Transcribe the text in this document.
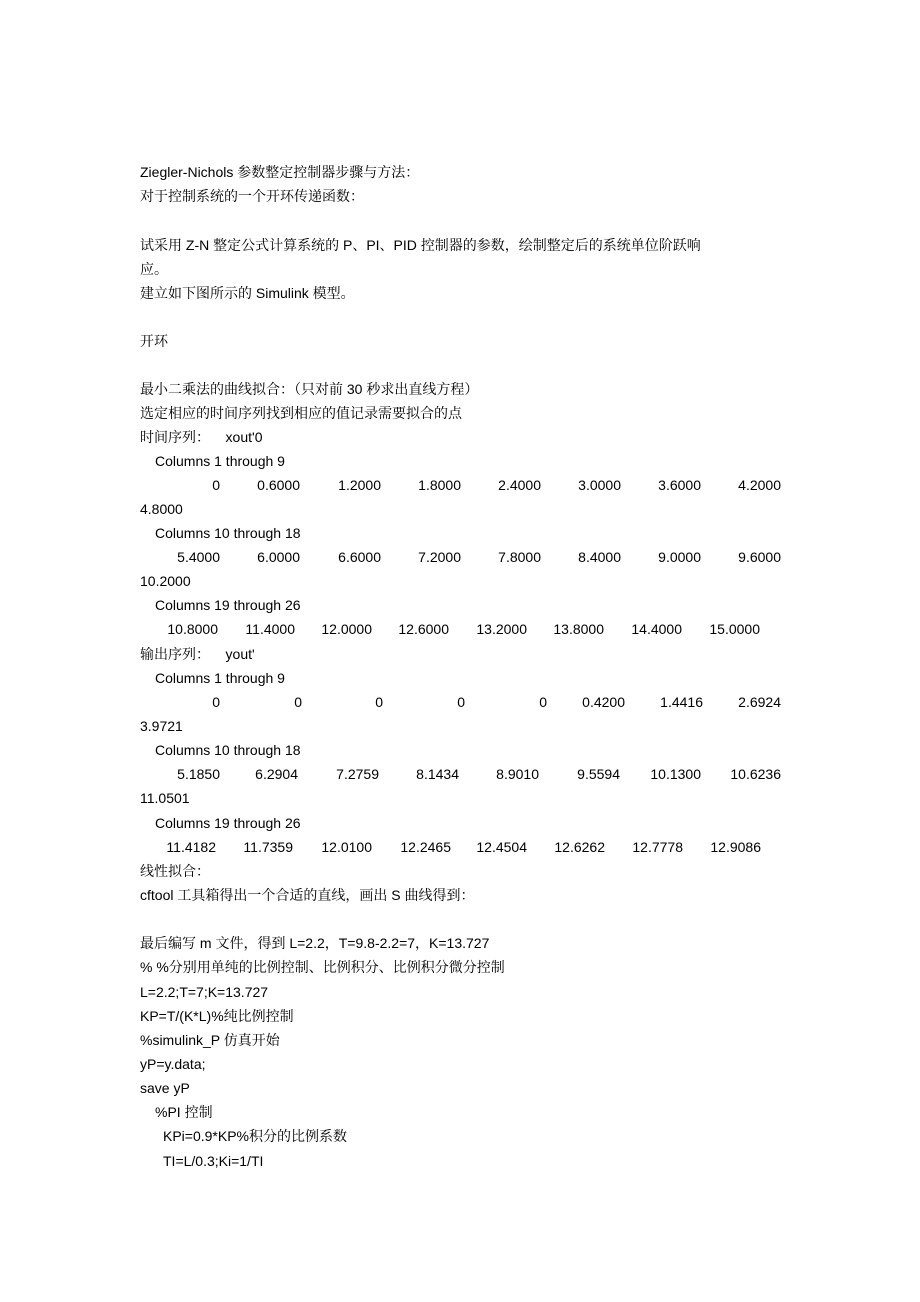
Ziegler-Nichols 参数整定控制器步骤与方法：
对于控制系统的一个开环传递函数：
试采用 Z-N 整定公式计算系统的 P、PI、PID 控制器的参数，绘制整定后的系统单位阶跃响
应。
建立如下图所示的 Simulink 模型。
开环
最小二乘法的曲线拟合：（只对前 30 秒求出直线方程）
选定相应的时间序列找到相应的值记录需要拟合的点
时间序列：    xout'0
Columns 1 through 9
0	0.6000	1.2000	1.8000	2.4000	3.0000	3.6000	4.2000
4.8000
Columns 10 through 18
5.4000	6.0000	6.6000	7.2000	7.8000	8.4000	9.0000	9.6000
10.2000
Columns 19 through 26
10.8000 11.4000 12.0000 12.6000 13.2000 13.8000 14.4000 15.0000
输出序列：    yout'
Columns 1 through 9
0	0	0	0	0	0.4200	1.4416	2.6924
3.9721
Columns 10 through 18
5.1850	6.2904	7.2759	8.1434	8.9010	9.5594 10.1300 10.6236
11.0501
Columns 19 through 26
11.4182 11.7359 12.0100 12.2465 12.4504 12.6262 12.7778 12.9086
线性拟合：
cftool 工具箱得出一个合适的直线，画出 S 曲线得到：
最后编写 m 文件，得到 L=2.2，T=9.8-2.2=7，K=13.727
% %分别用单纯的比例控制、比例积分、比例积分微分控制
L=2.2;T=7;K=13.727
KP=T/(K*L)%纯比例控制
%simulink_P 仿真开始
yP=y.data;
save yP
%PI 控制
KPi=0.9*KP%积分的比例系数
TI=L/0.3;Ki=1/TI
